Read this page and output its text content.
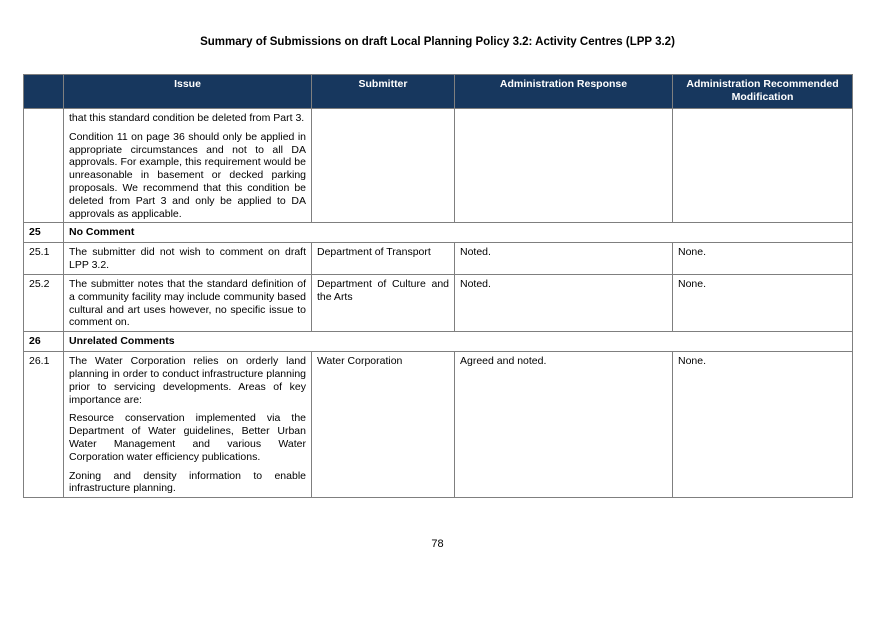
Summary of Submissions on draft Local Planning Policy 3.2: Activity Centres (LPP 3.2)
	Issue	Submitter	Administration Response	Administration Recommended Modification

	that this standard condition be deleted from Part 3.

Condition 11 on page 36 should only be applied in appropriate circumstances and not to all DA approvals. For example, this requirement would be unreasonable in basement or decked parking proposals. We recommend that this condition be deleted from Part 3 and only be applied to DA approvals as applicable.			

25	No Comment			
25.1	The submitter did not wish to comment on draft LPP 3.2.	Department of Transport	Noted.	None.
25.2	The submitter notes that the standard definition of a community facility may include community based cultural and art uses however, no specific issue to comment on.	Department of Culture and the Arts	Noted.	None.
26	Unrelated Comments			
26.1	The Water Corporation relies on orderly land planning in order to conduct infrastructure planning prior to servicing developments. Areas of key importance are:

Resource conservation implemented via the Department of Water guidelines, Better Urban Water Management and various Water Corporation water efficiency publications.

Zoning and density information to enable infrastructure planning.	Water Corporation	Agreed and noted.	None.
78
